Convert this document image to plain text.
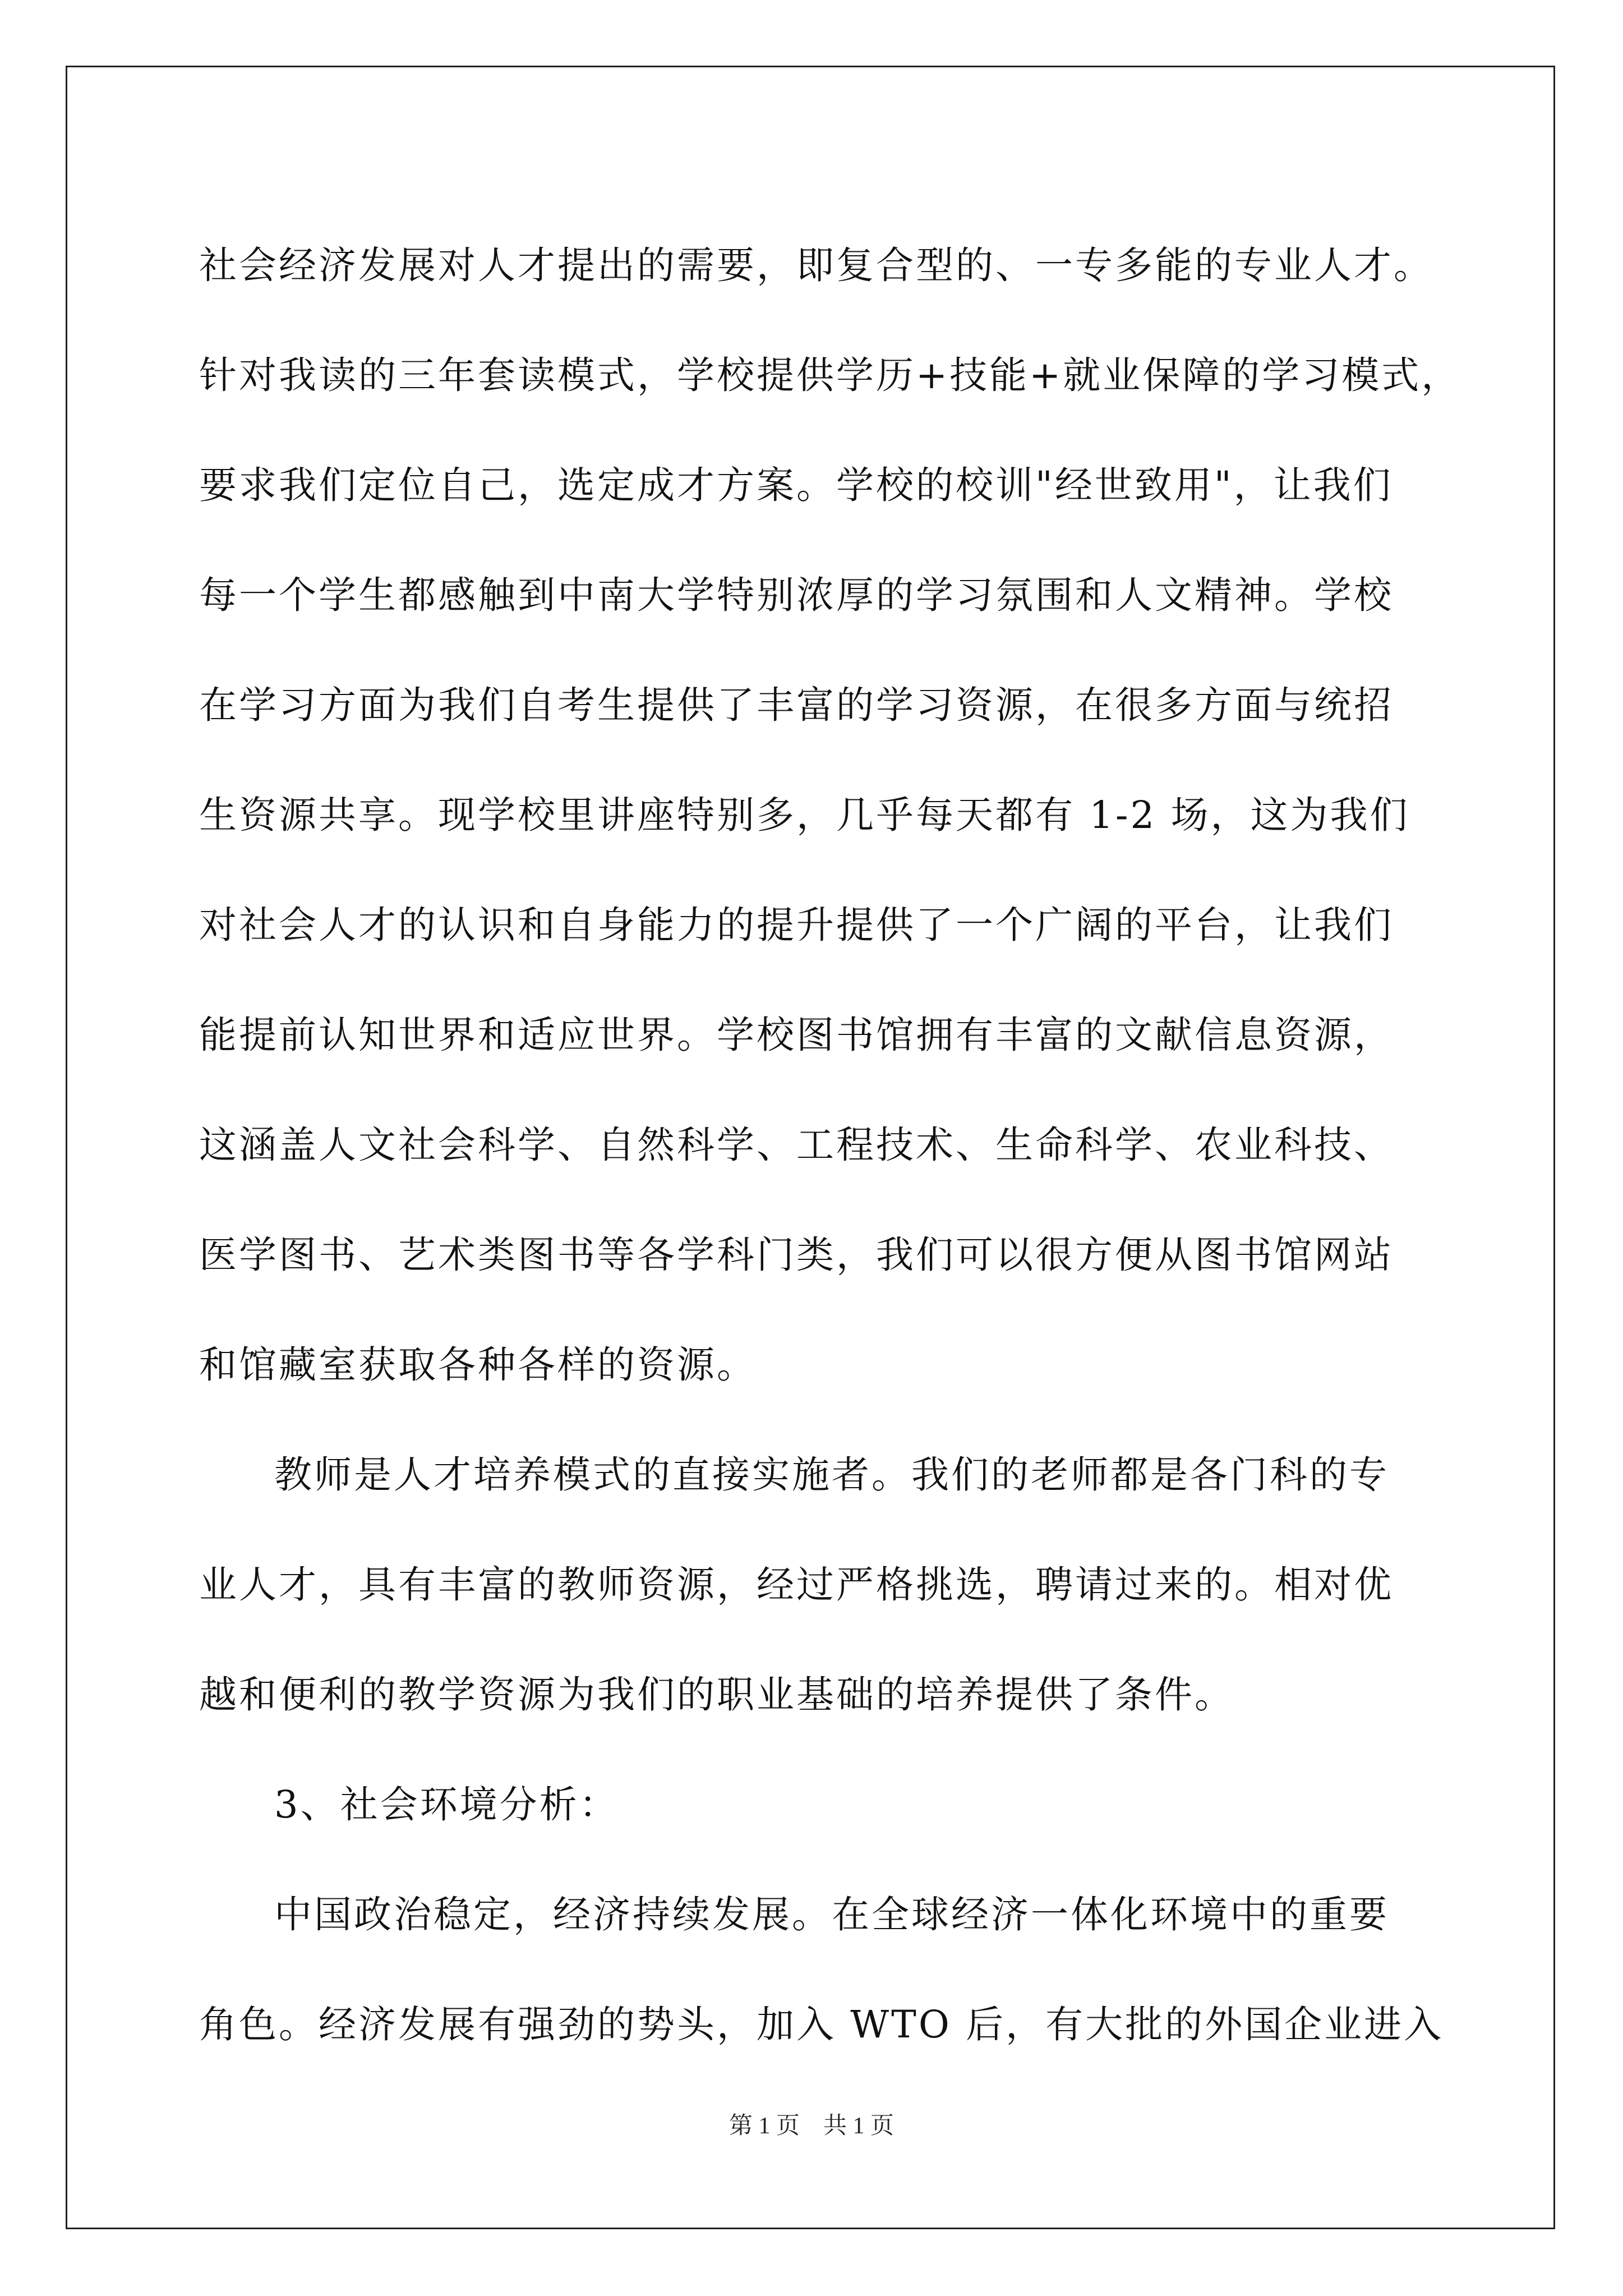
社会经济发展对人才提出的需要，即复合型的、一专多能的专业人才。
针对我读的三年套读模式，学校提供学历+技能+就业保障的学习模式，
要求我们定位自己，选定成才方案。学校的校训"经世致用"，让我们
每一个学生都感触到中南大学特别浓厚的学习氛围和人文精神。学校
在学习方面为我们自考生提供了丰富的学习资源，在很多方面与统招
生资源共享。现学校里讲座特别多，几乎每天都有 1-2 场，这为我们
对社会人才的认识和自身能力的提升提供了一个广阔的平台，让我们
能提前认知世界和适应世界。学校图书馆拥有丰富的文献信息资源，
这涵盖人文社会科学、自然科学、工程技术、生命科学、农业科技、
医学图书、艺术类图书等各学科门类，我们可以很方便从图书馆网站
和馆藏室获取各种各样的资源。
教师是人才培养模式的直接实施者。我们的老师都是各门科的专
业人才，具有丰富的教师资源，经过严格挑选，聘请过来的。相对优
越和便利的教学资源为我们的职业基础的培养提供了条件。
3、社会环境分析：
中国政治稳定，经济持续发展。在全球经济一体化环境中的重要
角色。经济发展有强劲的势头，加入 WTO 后，有大批的外国企业进入
第 1 页 共 1 页
